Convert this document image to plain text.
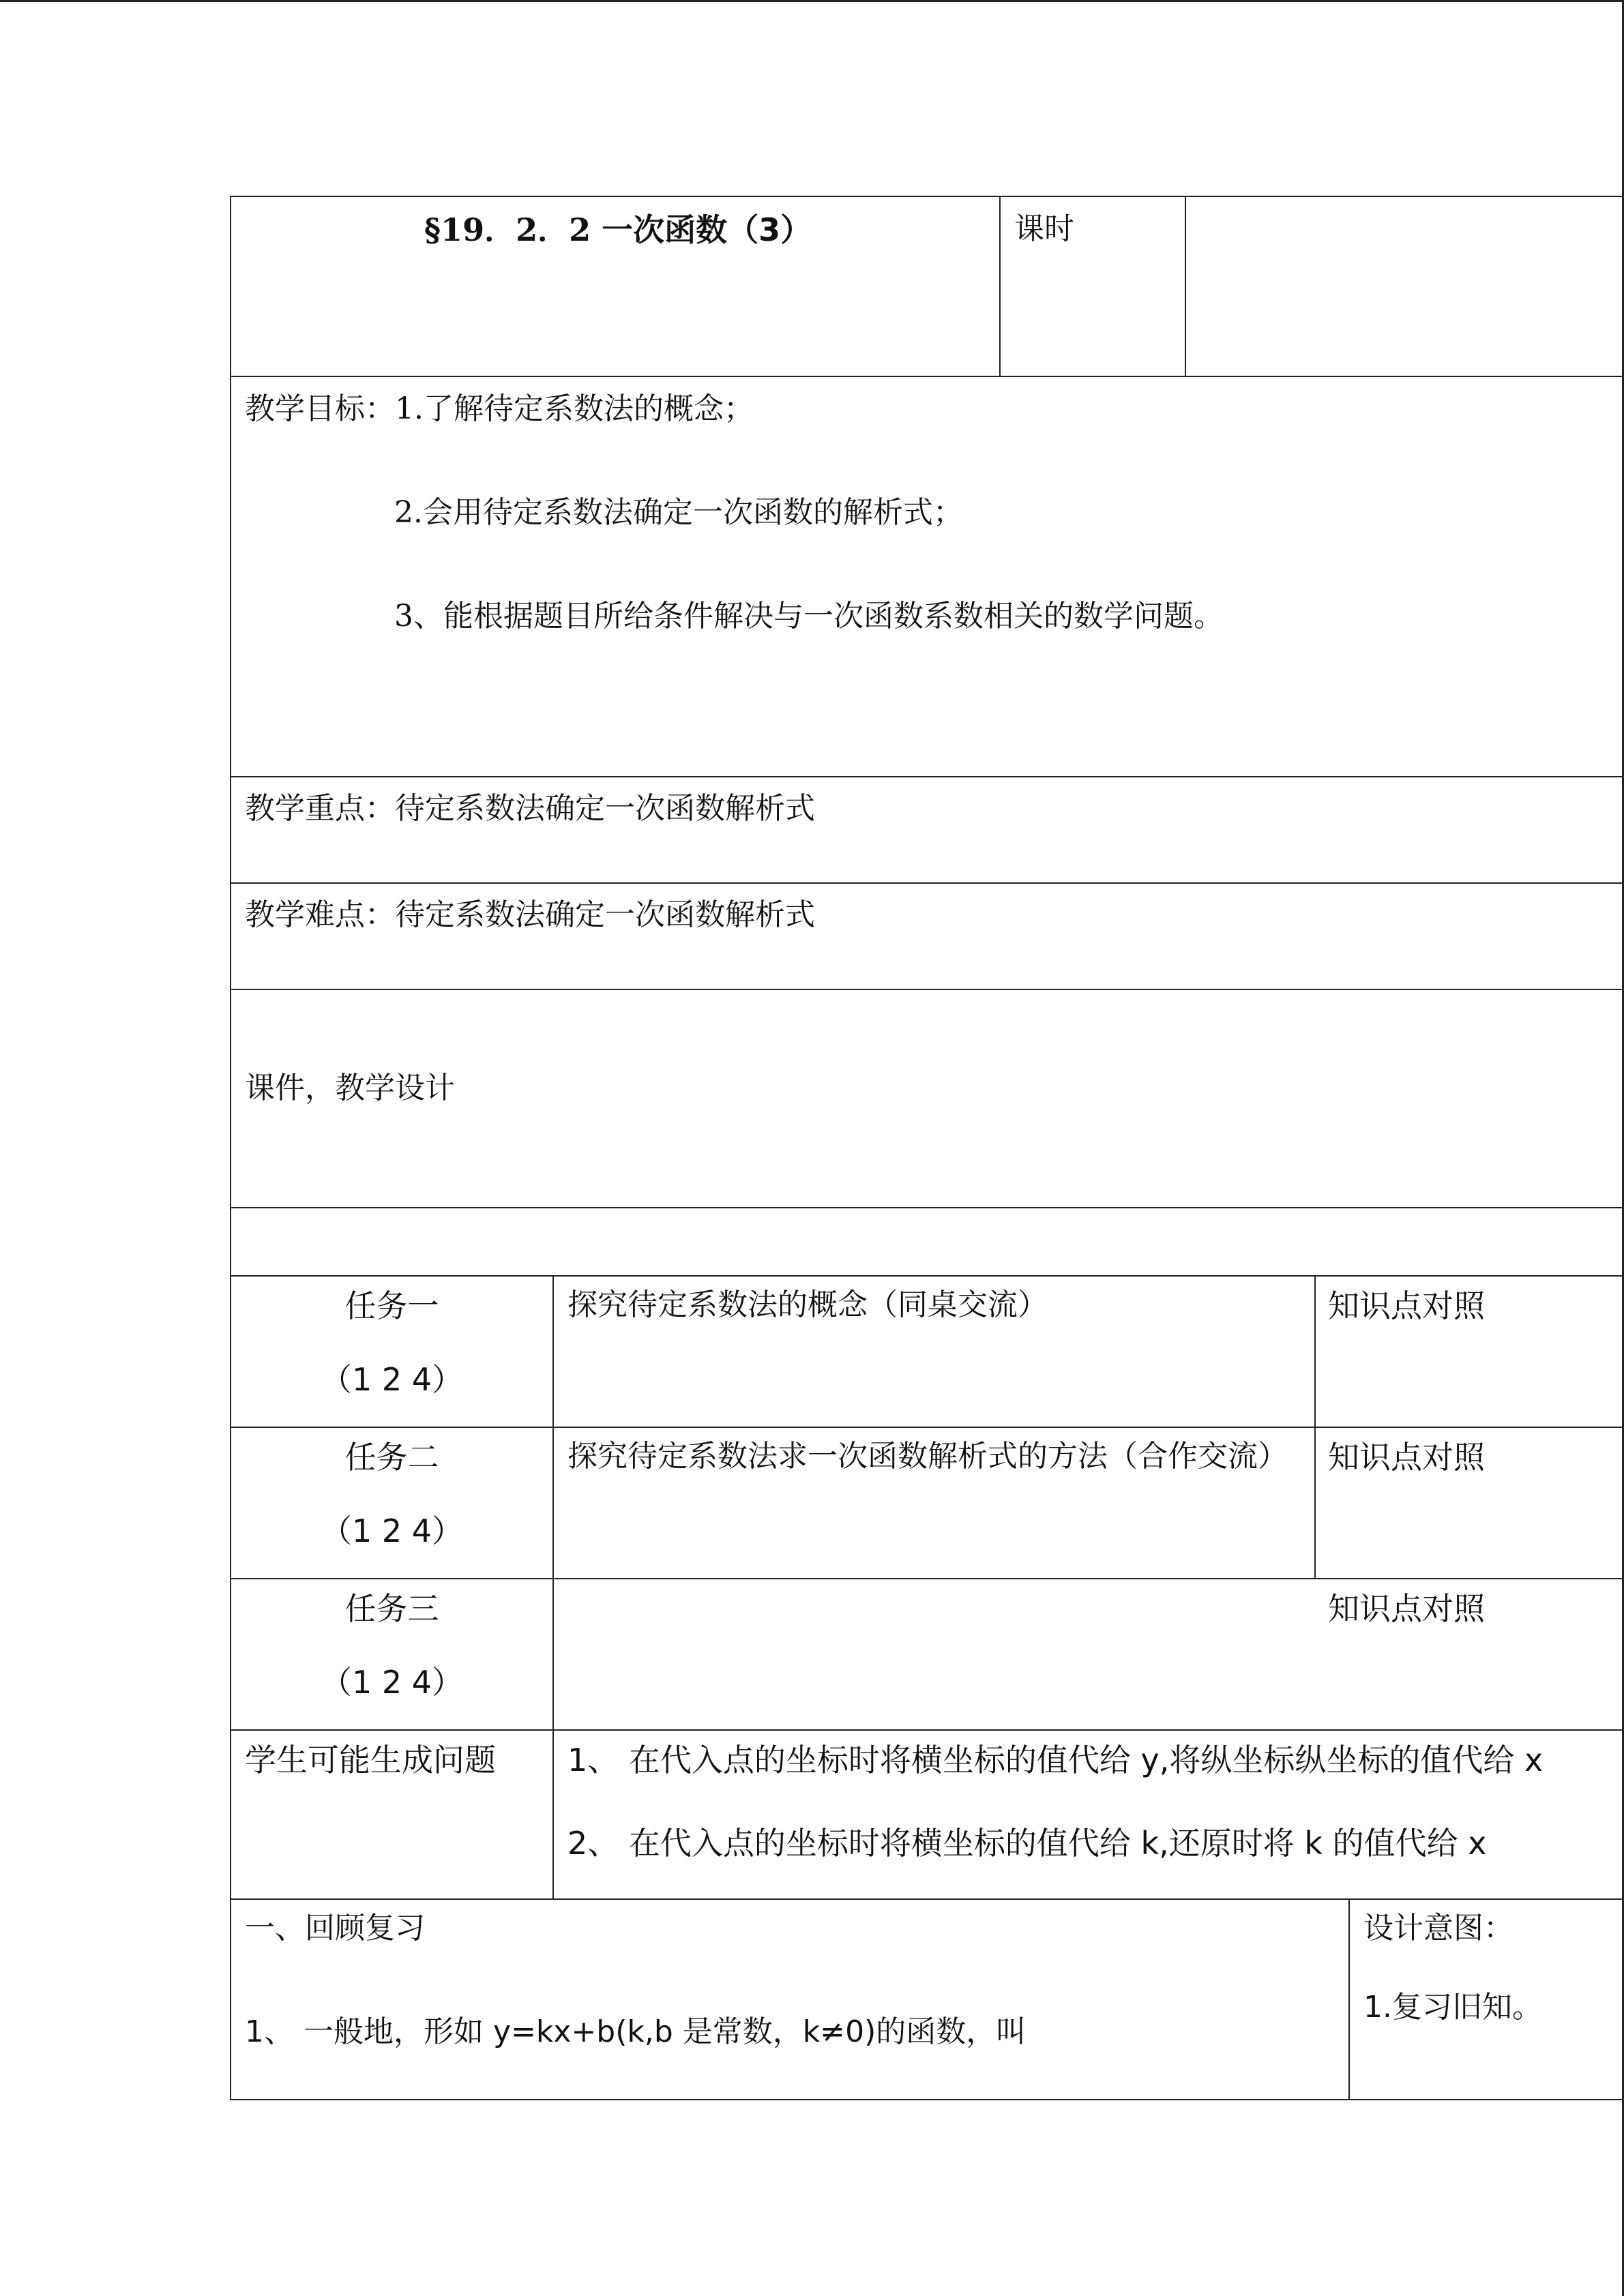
§19．2．2 一次函数（3）	课时
教学目标：1.了解待定系数法的概念；
2.会用待定系数法确定一次函数的解析式；
3、能根据题目所给条件解决与一次函数系数相关的数学问题。
教学重点：待定系数法确定一次函数解析式
教学难点：待定系数法确定一次函数解析式
课件，教学设计
任务一
（1 2 4）
探究待定系数法的概念（同桌交流）	知识点对照
任务二
（1 2 4）
探究待定系数法求一次函数解析式的方法（合作交流） 知识点对照
任务三
（1 2 4）
知识点对照
学生可能生成问题 1、 在代入点的坐标时将横坐标的值代给 y,将纵坐标纵坐标的值代给 x
2、 在代入点的坐标时将横坐标的值代给 k,还原时将 k 的值代给 x
一、回顾复习
1、 一般地，形如 y=kx+b(k,b 是常数，k≠0)的函数，叫
设计意图：
1.复习旧知。
